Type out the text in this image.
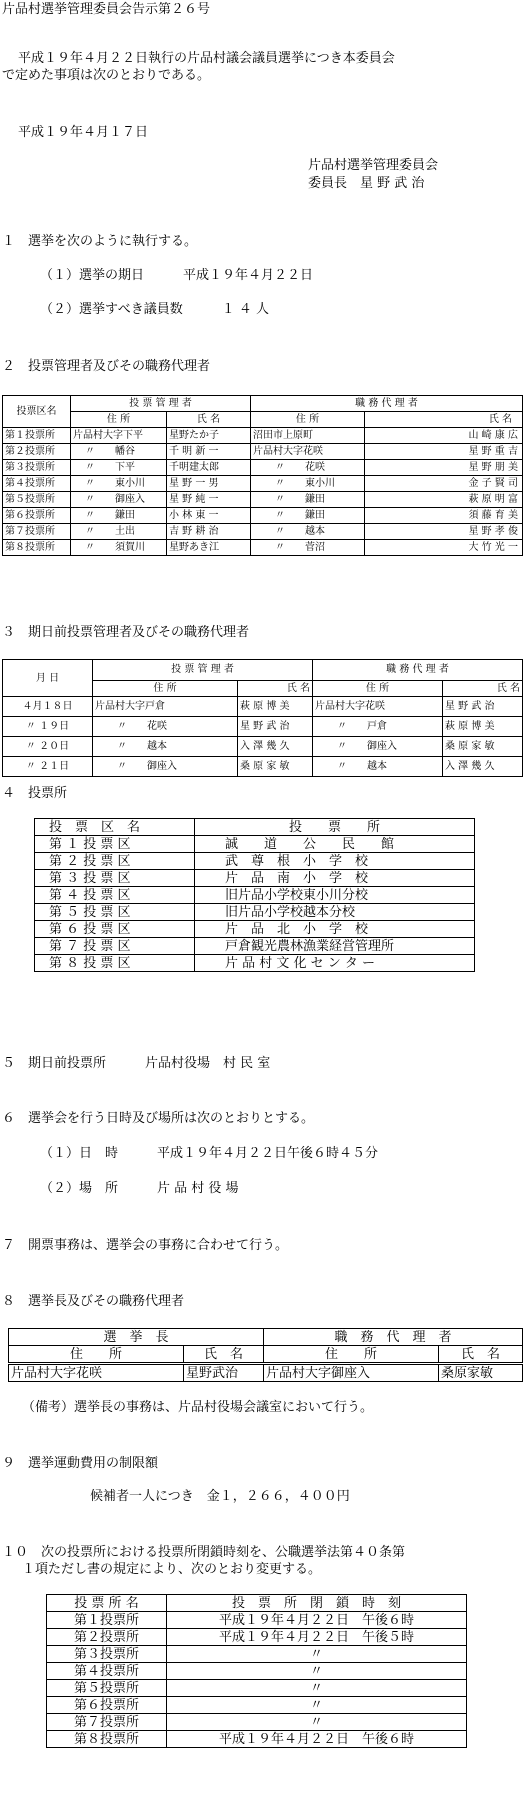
片品村選挙管理委員会告示第２６号
平成１９年４月２２日執行の片品村議会議員選挙につき本委員会
で定めた事項は次のとおりである。
平成１９年４月１７日
片品村選挙管理委員会
委員長　星 野 武 治
１　選挙を次のように執行する。
（１）選挙の期日　　　平成１９年４月２２日
（２）選挙すべき議員数　　　１ ４ 人
２　投票管理者及びその職務代理者
投票区名	投 票 管 理 者		職 務 代 理 者	
	住 所	氏 名	住 所	氏 名
第１投票所	片品村大字下平	星野たか子	沼田市上原町	山 崎 康 広
第２投票所	〃　　幡谷	千 明 新 一	片品村大字花咲	星 野 重 吉
第３投票所	〃　　下平	千明建太郎	〃　　花咲	星 野 朋 美
第４投票所	〃　　東小川	星 野 一 男	〃　　東小川	金 子 賢 司
第５投票所	〃　　御座入	星 野 純 一	〃　　鎌田	萩 原 明 富
第６投票所	〃　　鎌田	小 林 東 一	〃　　鎌田	須 藤 育 美
第７投票所	〃　　土出	吉 野 耕 治	〃　　越本	星 野 孝 俊
第８投票所	〃　　須賀川	星野あき江	〃　　菅沼	大 竹 光 一
３　期日前投票管理者及びその職務代理者
月 日	投 票 管 理 者		職 務 代 理 者	
	住 所	氏 名	住 所	氏 名
４月１８日	片品村大字戸倉	萩 原 博 美	片品村大字花咲	星 野 武 治
〃 １９日	〃　　花咲	星 野 武 治	〃　　戸倉	萩 原 博 美
〃 ２０日	〃　　越本	入 澤 幾 久	〃　　御座入	桑 原 家 敏
〃 ２１日	〃　　御座入	桑 原 家 敏	〃　　越本	入 澤 幾 久
４　投票所
投　票　区　名	投　　票　　所
第 １ 投 票 区	誠　　道　　公　　民　　館
第 ２ 投 票 区	武　尊　根　小　学　校
第 ３ 投 票 区	片　品　南　小　学　校
第 ４ 投 票 区	旧片品小学校東小川分校
第 ５ 投 票 区	旧片品小学校越本分校
第 ６ 投 票 区	片　品　北　小　学　校
第 ７ 投 票 区	戸倉観光農林漁業経営管理所
第 ８ 投 票 区	片 品 村 文 化 セ ン タ ー
５　期日前投票所　　　片品村役場　村 民 室
６　選挙会を行う日時及び場所は次のとおりとする。
（１）日　時　　　平成１９年４月２２日午後６時４５分
（２）場　所　　　片 品 村 役 場
７　開票事務は、選挙会の事務に合わせて行う。
８　選挙長及びその職務代理者
選　挙　長		職　務　代　理　者	
住　　所	氏　名	住　　所	氏　名
片品村大字花咲	星野武治	片品村大字御座入	桑原家敏
（備考）選挙長の事務は、片品村役場会議室において行う。
９　選挙運動費用の制限額
候補者一人につき　金１，２６６，４００円
１０　次の投票所における投票所閉鎖時刻を、公職選挙法第４０条第
１項ただし書の規定により、次のとおり変更する。
投 票 所 名	投　票　所　閉　鎖　時　刻
第１投票所	平成１９年４月２２日　午後６時
第２投票所	平成１９年４月２２日　午後５時
第３投票所	〃
第４投票所	〃
第５投票所	〃
第６投票所	〃
第７投票所	〃
第８投票所	平成１９年４月２２日　午後６時
